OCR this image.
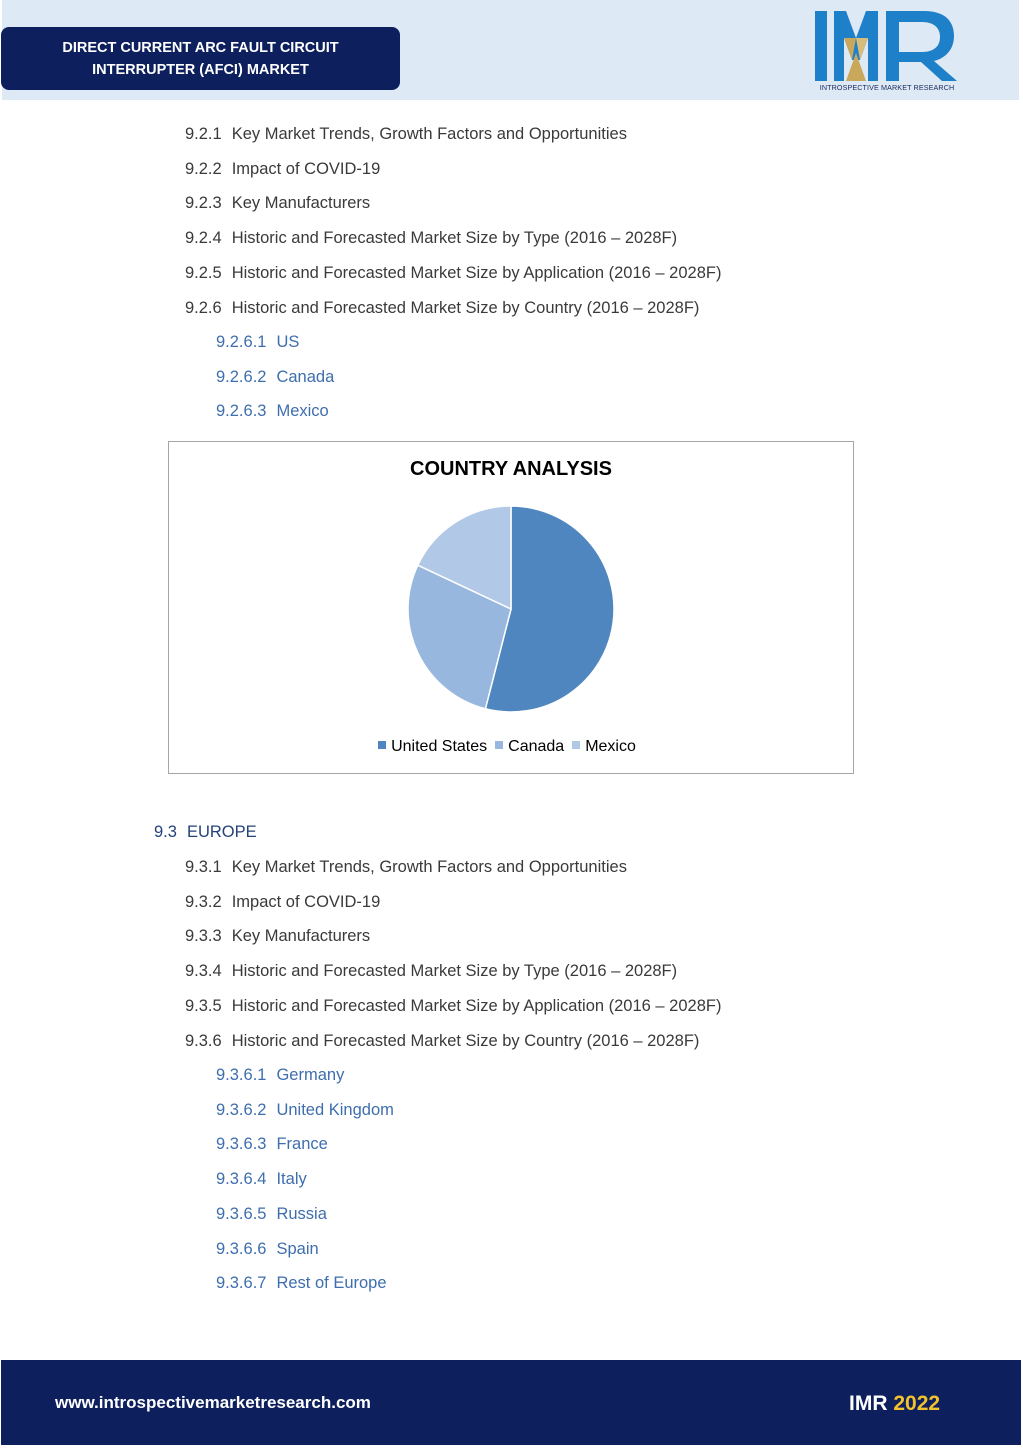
DIRECT CURRENT ARC FAULT CIRCUIT INTERRUPTER (AFCI) MARKET
INTROSPECTIVE MARKET RESEARCH
9.2.1 Key Market Trends, Growth Factors and Opportunities
9.2.2 Impact of COVID-19
9.2.3 Key Manufacturers
9.2.4 Historic and Forecasted Market Size by Type (2016 – 2028F)
9.2.5 Historic and Forecasted Market Size by Application (2016 – 2028F)
9.2.6 Historic and Forecasted Market Size by Country (2016 – 2028F)
9.2.6.1 US
9.2.6.2 Canada
9.2.6.3 Mexico
COUNTRY ANALYSIS
United States Canada Mexico
9.3 EUROPE
9.3.1 Key Market Trends, Growth Factors and Opportunities
9.3.2 Impact of COVID-19
9.3.3 Key Manufacturers
9.3.4 Historic and Forecasted Market Size by Type (2016 – 2028F)
9.3.5 Historic and Forecasted Market Size by Application (2016 – 2028F)
9.3.6 Historic and Forecasted Market Size by Country (2016 – 2028F)
9.3.6.1 Germany
9.3.6.2 United Kingdom
9.3.6.3 France
9.3.6.4 Italy
9.3.6.5 Russia
9.3.6.6 Spain
9.3.6.7 Rest of Europe
www.introspectivemarketresearch.com	IMR 2022
